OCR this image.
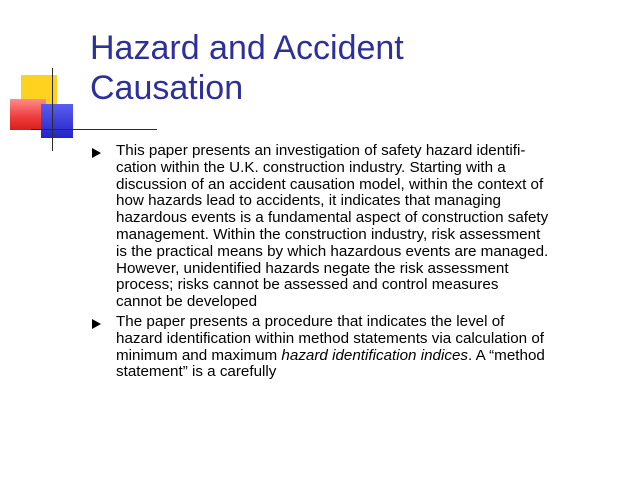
Hazard and Accident
Causation
This paper presents an investigation of safety hazard identifi-
cation within the U.K. construction industry. Starting with a
discussion of an accident causation model, within the context of
how hazards lead to accidents, it indicates that managing
hazardous events is a fundamental aspect of construction safety
management. Within the construction industry, risk assessment
is the practical means by which hazardous events are managed.
However, unidentified hazards negate the risk assessment
process; risks cannot be assessed and control measures
cannot be developed
The paper presents a procedure that indicates the level of
hazard identification within method statements via calculation of
minimum and maximum hazard identification indices. A “method
statement” is a carefully
